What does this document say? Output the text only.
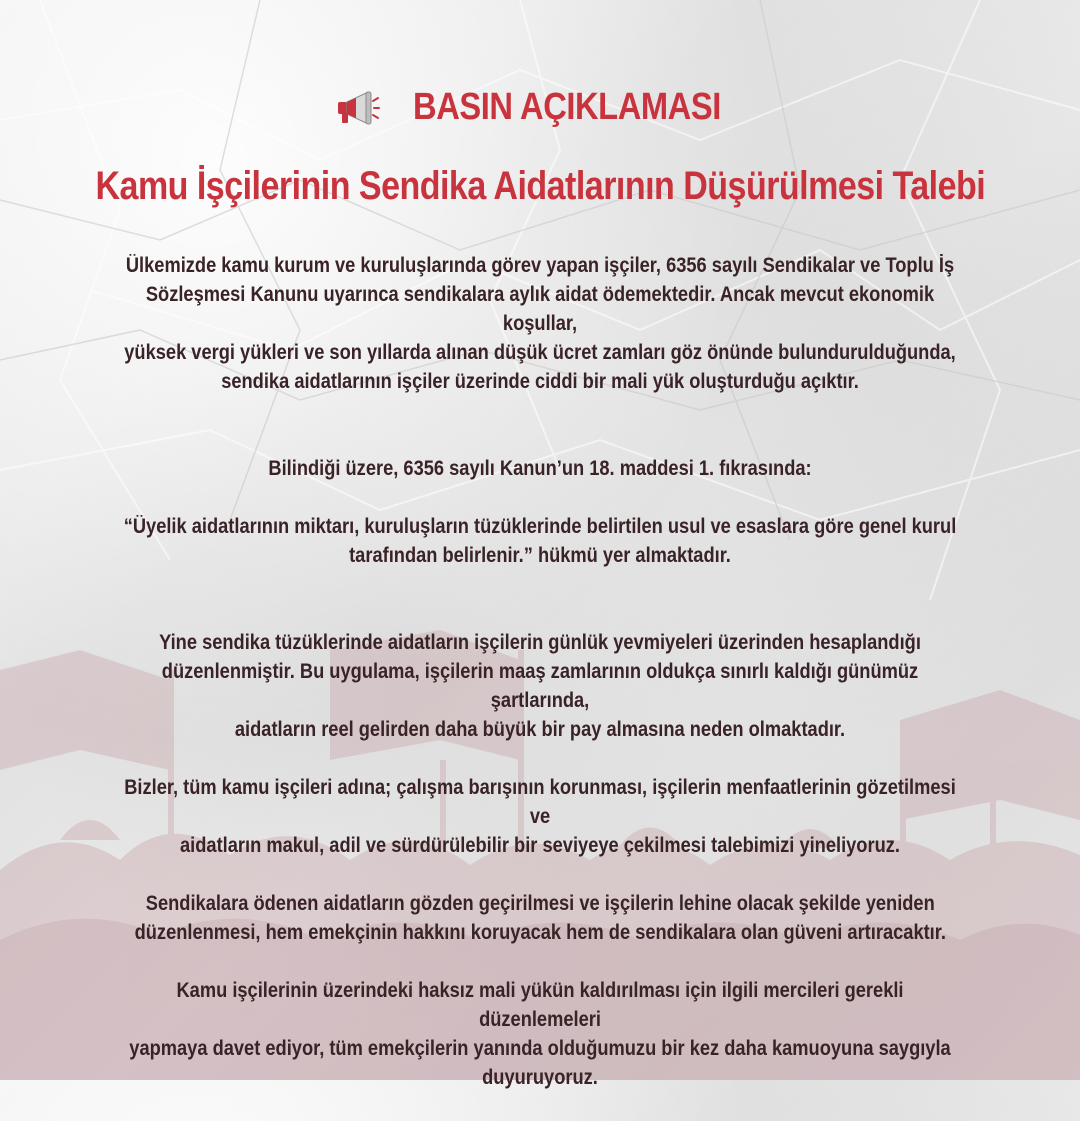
BASIN AÇIKLAMASI
Kamu İşçilerinin Sendika Aidatlarının Düşürülmesi Talebi

Ülkemizde kamu kurum ve kuruluşlarında görev yapan işçiler, 6356 sayılı Sendikalar ve Toplu İş
Sözleşmesi Kanunu uyarınca sendikalara aylık aidat ödemektedir. Ancak mevcut ekonomik koşullar,
yüksek vergi yükleri ve son yıllarda alınan düşük ücret zamları göz önünde bulundurulduğunda,
sendika aidatlarının işçiler üzerinde ciddi bir mali yük oluşturduğu açıktır.

Bilindiği üzere, 6356 sayılı Kanun’un 18. maddesi 1. fıkrasında:

“Üyelik aidatlarının miktarı, kuruluşların tüzüklerinde belirtilen usul ve esaslara göre genel kurul
tarafından belirlenir.” hükmü yer almaktadır.

Yine sendika tüzüklerinde aidatların işçilerin günlük yevmiyeleri üzerinden hesaplandığı
düzenlenmiştir. Bu uygulama, işçilerin maaş zamlarının oldukça sınırlı kaldığı günümüz şartlarında,
aidatların reel gelirden daha büyük bir pay almasına neden olmaktadır.

Bizler, tüm kamu işçileri adına; çalışma barışının korunması, işçilerin menfaatlerinin gözetilmesi ve
aidatların makul, adil ve sürdürülebilir bir seviyeye çekilmesi talebimizi yineliyoruz.

Sendikalara ödenen aidatların gözden geçirilmesi ve işçilerin lehine olacak şekilde yeniden
düzenlenmesi, hem emekçinin hakkını koruyacak hem de sendikalara olan güveni artıracaktır.

Kamu işçilerinin üzerindeki haksız mali yükün kaldırılması için ilgili mercileri gerekli düzenlemeleri
yapmaya davet ediyor, tüm emekçilerin yanında olduğumuzu bir kez daha kamuoyuna saygıyla
duyuruyoruz.
